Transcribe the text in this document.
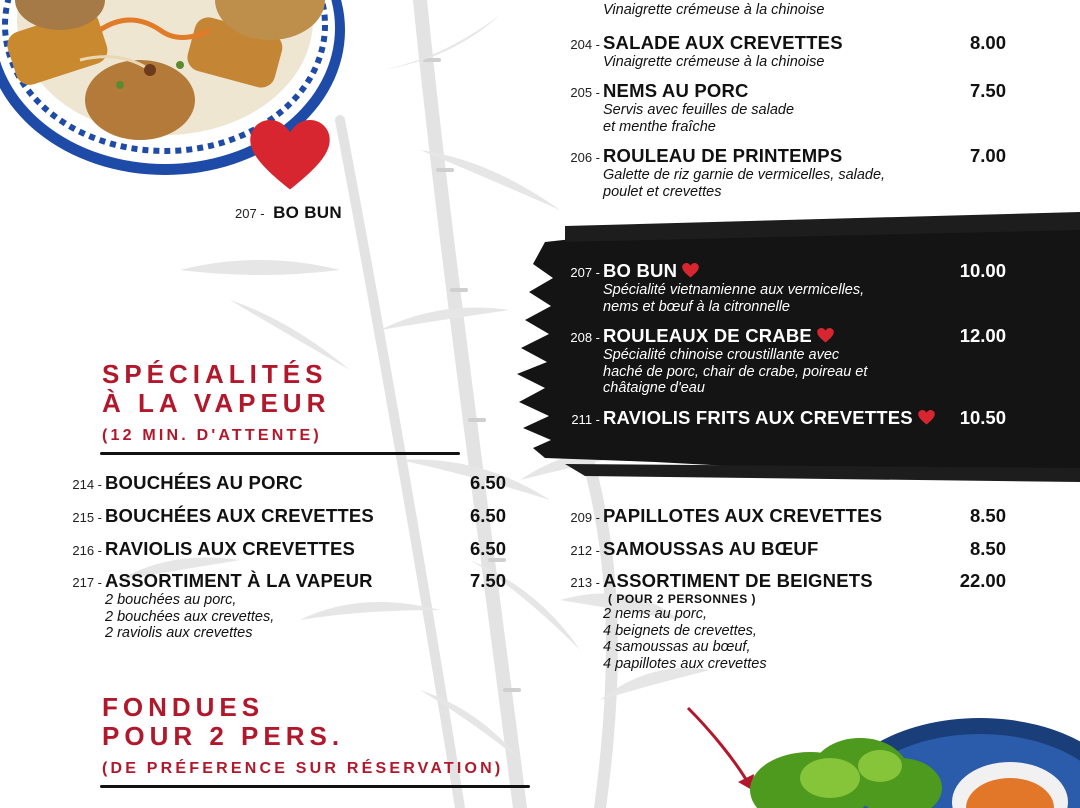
207 - BO BUN
SPÉCIALITÉS
À LA VAPEUR
(12 MIN. D'ATTENTE)
FONDUES
POUR 2 PERS.
(DE PRÉFERENCE SUR RÉSERVATION)
214 - BOUCHÉES AU PORC	6.50
215 - BOUCHÉES AUX CREVETTES	6.50
216 - RAVIOLIS AUX CREVETTES	6.50
217 - ASSORTIMENT À LA VAPEUR	7.50
2 bouchées au porc,
2 bouchées aux crevettes,
2 raviolis aux crevettes
Vinaigrette crémeuse à la chinoise
204 - SALADE AUX CREVETTES	8.00
Vinaigrette crémeuse à la chinoise
205 - NEMS AU PORC	7.50
Servis avec feuilles de salade
et menthe fraîche
206 - ROULEAU DE PRINTEMPS	7.00
Galette de riz garnie de vermicelles, salade,
poulet et crevettes
207 - BO BUN	10.00
Spécialité vietnamienne aux vermicelles,
nems et bœuf à la citronnelle
208 - ROULEAUX DE CRABE	12.00
Spécialité chinoise croustillante avec
haché de porc, chair de crabe, poireau et
châtaigne d'eau
211 - RAVIOLIS FRITS AUX CREVETTES	10.50
209 - PAPILLOTES AUX CREVETTES	8.50
212 - SAMOUSSAS AU BŒUF	8.50
213 - ASSORTIMENT DE BEIGNETS	22.00
( POUR 2 PERSONNES )
2 nems au porc,
4 beignets de crevettes,
4 samoussas au bœuf,
4 papillotes aux crevettes
